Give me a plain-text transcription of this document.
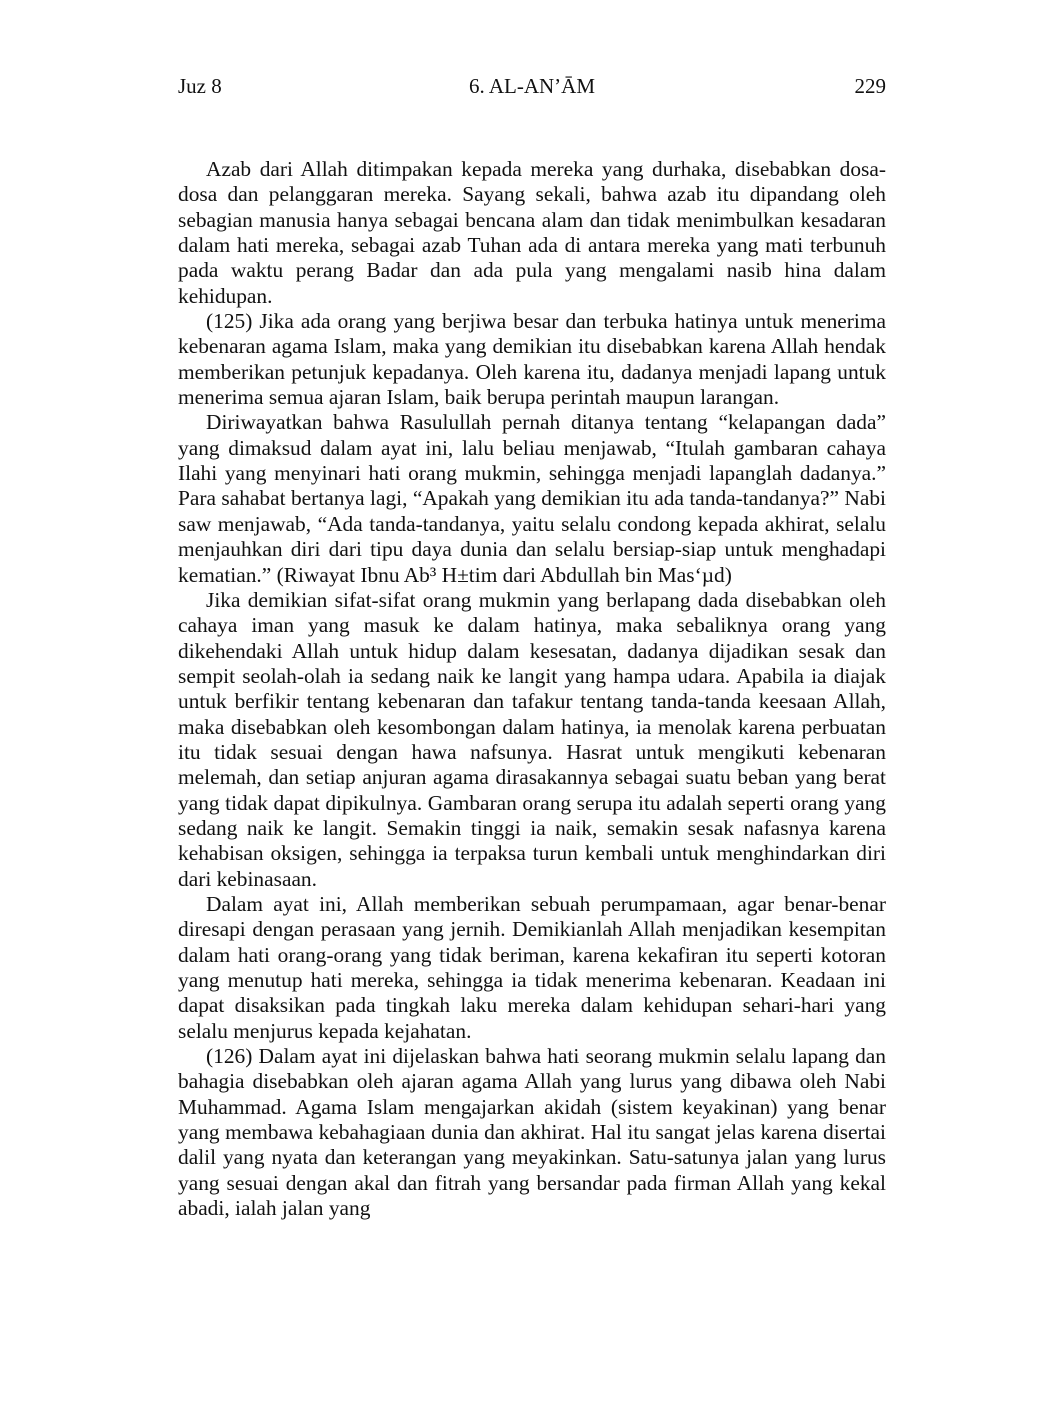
Juz 8	6. AL-AN’ĀM	229

Azab dari Allah ditimpakan kepada mereka yang durhaka, disebabkan dosa-dosa dan pelanggaran mereka. Sayang sekali, bahwa azab itu dipandang oleh sebagian manusia hanya sebagai bencana alam dan tidak menimbulkan kesadaran dalam hati mereka, sebagai azab Tuhan ada di antara mereka yang mati terbunuh pada waktu perang Badar dan ada pula yang mengalami nasib hina dalam kehidupan.

(125) Jika ada orang yang berjiwa besar dan terbuka hatinya untuk menerima kebenaran agama Islam, maka yang demikian itu disebabkan karena Allah hendak memberikan petunjuk kepadanya. Oleh karena itu, dadanya menjadi lapang untuk menerima semua ajaran Islam, baik berupa perintah maupun larangan.

Diriwayatkan bahwa Rasulullah pernah ditanya tentang “kelapangan dada” yang dimaksud dalam ayat ini, lalu beliau menjawab, “Itulah gambaran cahaya Ilahi yang menyinari hati orang mukmin, sehingga menjadi lapanglah dadanya.” Para sahabat bertanya lagi, “Apakah yang demikian itu ada tanda-tandanya?” Nabi saw menjawab, “Ada tanda-tandanya, yaitu selalu condong kepada akhirat, selalu menjauhkan diri dari tipu daya dunia dan selalu bersiap-siap untuk menghadapi kematian.” (Riwayat Ibnu Ab³ H±tim dari Abdullah bin Mas‘µd)

Jika demikian sifat-sifat orang mukmin yang berlapang dada disebabkan oleh cahaya iman yang masuk ke dalam hatinya, maka sebaliknya orang yang dikehendaki Allah untuk hidup dalam kesesatan, dadanya dijadikan sesak dan sempit seolah-olah ia sedang naik ke langit yang hampa udara. Apabila ia diajak untuk berfikir tentang kebenaran dan tafakur tentang tanda-tanda keesaan Allah, maka disebabkan oleh kesombongan dalam hatinya, ia menolak karena perbuatan itu tidak sesuai dengan hawa nafsunya. Hasrat untuk mengikuti kebenaran melemah, dan setiap anjuran agama dirasakannya sebagai suatu beban yang berat yang tidak dapat dipikulnya. Gambaran orang serupa itu adalah seperti orang yang sedang naik ke langit. Semakin tinggi ia naik, semakin sesak nafasnya karena kehabisan oksigen, sehingga ia terpaksa turun kembali untuk menghindarkan diri dari kebinasaan.

Dalam ayat ini, Allah memberikan sebuah perumpamaan, agar benar-benar diresapi dengan perasaan yang jernih. Demikianlah Allah menjadikan kesempitan dalam hati orang-orang yang tidak beriman, karena kekafiran itu seperti kotoran yang menutup hati mereka, sehingga ia tidak menerima kebenaran. Keadaan ini dapat disaksikan pada tingkah laku mereka dalam kehidupan sehari-hari yang selalu menjurus kepada kejahatan.

(126) Dalam ayat ini dijelaskan bahwa hati seorang mukmin selalu lapang dan bahagia disebabkan oleh ajaran agama Allah yang lurus yang dibawa oleh Nabi Muhammad. Agama Islam mengajarkan akidah (sistem keyakinan) yang benar yang membawa kebahagiaan dunia dan akhirat. Hal itu sangat jelas karena disertai dalil yang nyata dan keterangan yang meyakinkan. Satu-satunya jalan yang lurus yang sesuai dengan akal dan fitrah yang bersandar pada firman Allah yang kekal abadi, ialah jalan yang
